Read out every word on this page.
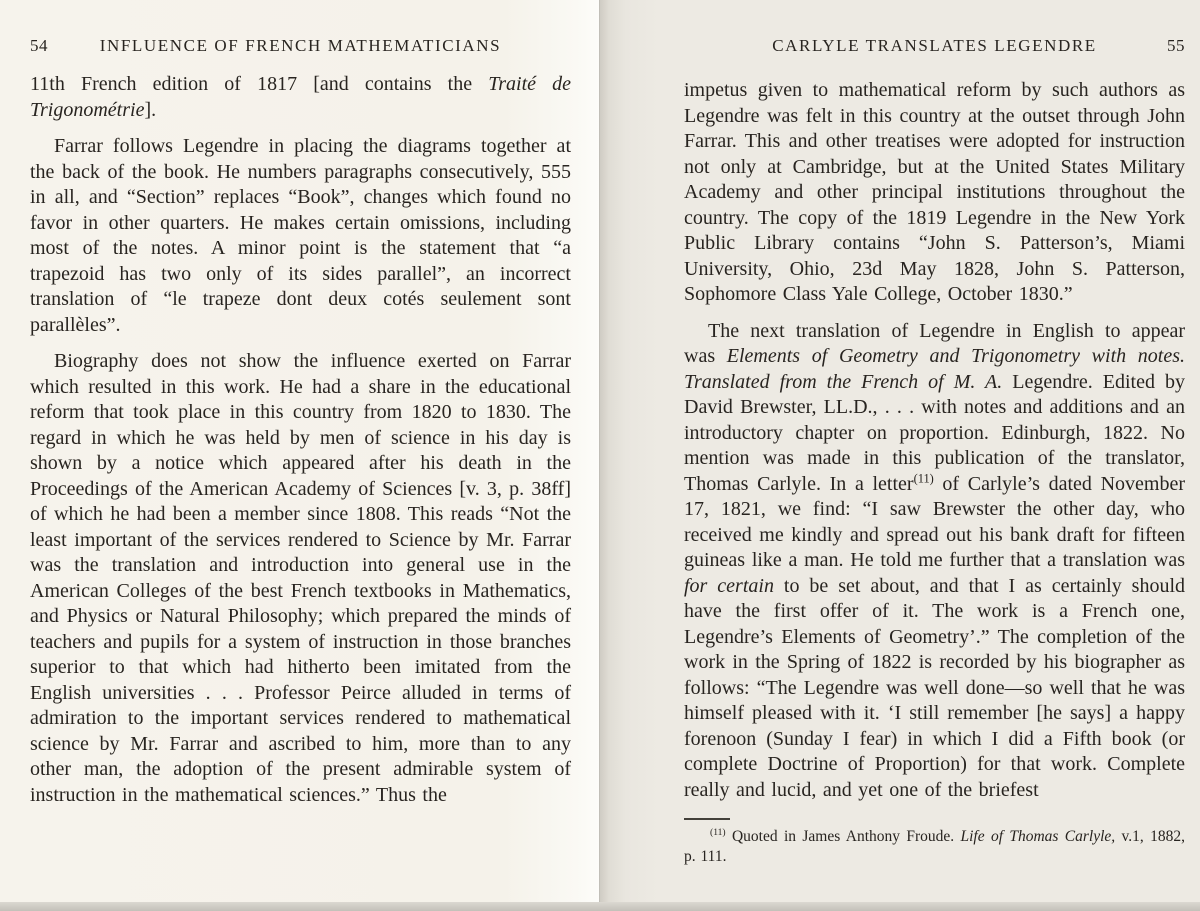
54	INFLUENCE OF FRENCH MATHEMATICIANS

11th French edition of 1817 [and contains the Traité de Trigonométrie].

Farrar follows Legendre in placing the diagrams together at the back of the book. He numbers paragraphs consecutively, 555 in all, and “Section” replaces “Book”, changes which found no favor in other quarters. He makes certain omissions, including most of the notes. A minor point is the statement that “a trapezoid has two only of its sides parallel”, an incorrect translation of “le trapeze dont deux cotés seulement sont parallèles”.

Biography does not show the influence exerted on Farrar which resulted in this work. He had a share in the educational reform that took place in this country from 1820 to 1830. The regard in which he was held by men of science in his day is shown by a notice which appeared after his death in the Proceedings of the American Academy of Sciences [v. 3, p. 38ff] of which he had been a member since 1808. This reads “Not the least important of the services rendered to Science by Mr. Farrar was the translation and introduction into general use in the American Colleges of the best French textbooks in Mathematics, and Physics or Natural Philosophy; which prepared the minds of teachers and pupils for a system of instruction in those branches superior to that which had hitherto been imitated from the English universities . . . Professor Peirce alluded in terms of admiration to the important services rendered to mathematical science by Mr. Farrar and ascribed to him, more than to any other man, the adoption of the present admirable system of instruction in the mathematical sciences.” Thus the

CARLYLE TRANSLATES LEGENDRE	55

impetus given to mathematical reform by such authors as Legendre was felt in this country at the outset through John Farrar. This and other treatises were adopted for instruction not only at Cambridge, but at the United States Military Academy and other principal institutions throughout the country. The copy of the 1819 Legendre in the New York Public Library contains “John S. Patterson’s, Miami University, Ohio, 23d May 1828, John S. Patterson, Sophomore Class Yale College, October 1830.”

The next translation of Legendre in English to appear was Elements of Geometry and Trigonometry with notes. Translated from the French of M. A. Legendre. Edited by David Brewster, LL.D., . . . with notes and additions and an introductory chapter on proportion. Edinburgh, 1822. No mention was made in this publication of the translator, Thomas Carlyle. In a letter$^{(11)}$ of Carlyle’s dated November 17, 1821, we find: “I saw Brewster the other day, who received me kindly and spread out his bank draft for fifteen guineas like a man. He told me further that a translation was for certain to be set about, and that I as certainly should have the first offer of it. The work is a French one, Legendre’s Elements of Geometry’.” The completion of the work in the Spring of 1822 is recorded by his biographer as follows: “The Legendre was well done—so well that he was himself pleased with it. ‘I still remember [he says] a happy forenoon (Sunday I fear) in which I did a Fifth book (or complete Doctrine of Proportion) for that work. Complete really and lucid, and yet one of the briefest

$^{(11)}$ Quoted in James Anthony Froude. Life of Thomas Carlyle, v.1, 1882, p. 111.
